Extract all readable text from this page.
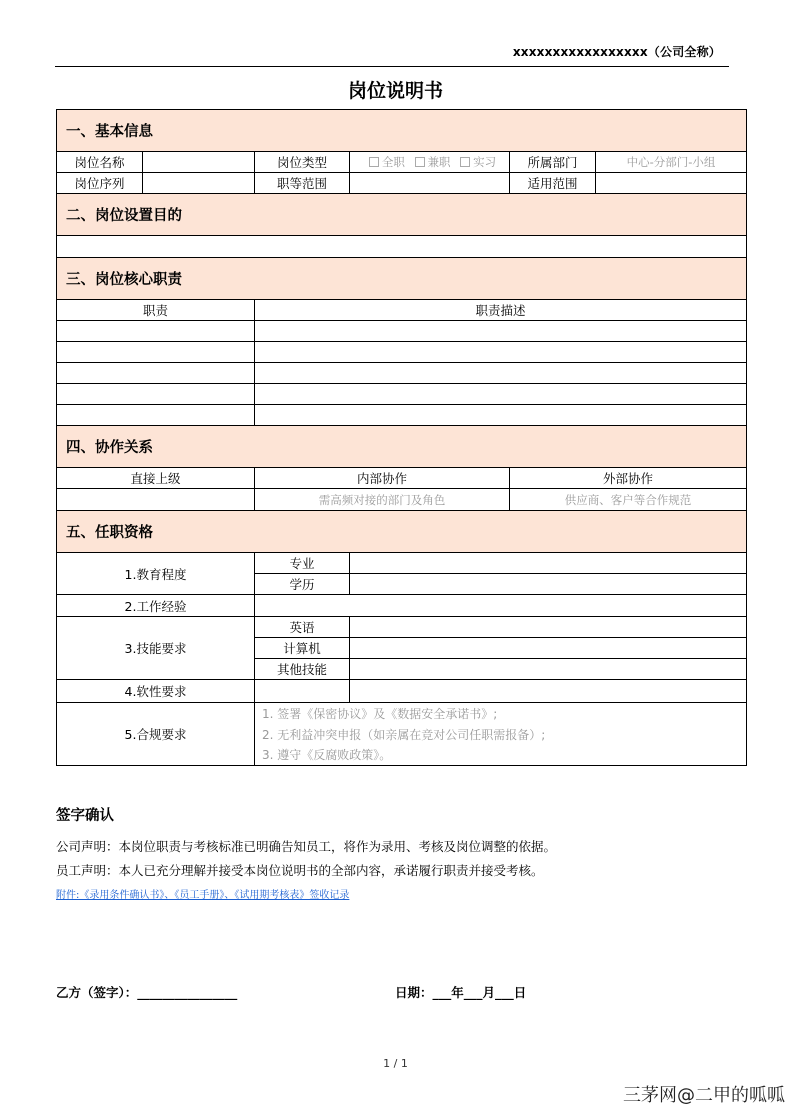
xxxxxxxxxxxxxxxxx（公司全称）
岗位说明书
一、基本信息					
岗位名称		岗位类型	全职 兼职 实习	所属部门	中心-分部门-小组
岗位序列		职等范围		适用范围	
二、岗位设置目的					

三、岗位核心职责					
职责		职责描述			

四、协作关系					
直接上级		内部协作		外部协作	
		需高频对接的部门及角色		供应商、客户等合作规范	
五、任职资格					
1.教育程度		专业			
		学历			
2.工作经验					
3.技能要求		英语			
		计算机			
		其他技能			
4.软性要求					
5.合规要求		1. 签署《保密协议》及《数据安全承诺书》;			
		2. 无利益冲突申报（如亲属在竞对公司任职需报备）;			
		3. 遵守《反腐败政策》。			
签字确认
公司声明：本岗位职责与考核标准已明确告知员工，将作为录用、考核及岗位调整的依据。
员工声明：本人已充分理解并接受本岗位说明书的全部内容，承诺履行职责并接受考核。
附件:《录用条件确认书》、《员工手册》、《试用期考核表》签收记录
乙方（签字）：________________	日期：___年___月___日
1 / 1
三茅网@二甲的呱呱
